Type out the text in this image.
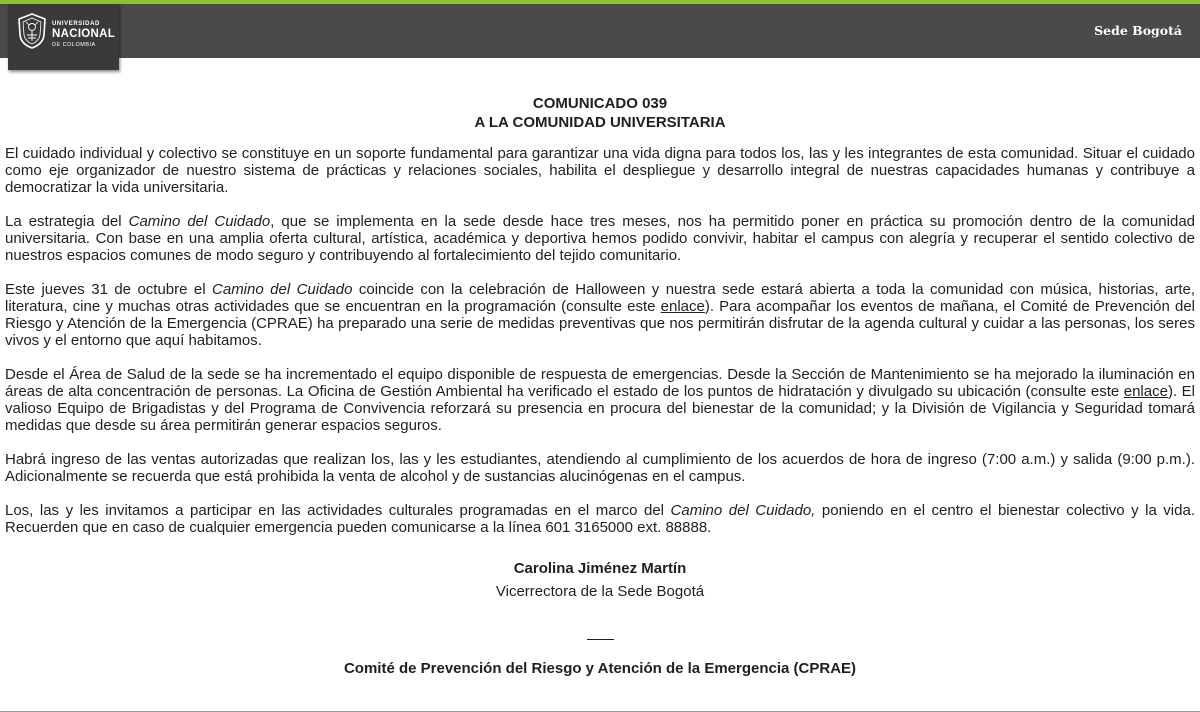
UNIVERSIDAD
NACIONAL
DE COLOMBIA
Sede Bogotá
COMUNICADO 039
A LA COMUNIDAD UNIVERSITARIA

El cuidado individual y colectivo se constituye en un soporte fundamental para garantizar una vida digna para todos los, las y les integrantes de esta comunidad. Situar el cuidado como eje organizador de nuestro sistema de prácticas y relaciones sociales, habilita el despliegue y desarrollo integral de nuestras capacidades humanas y contribuye a democratizar la vida universitaria.

La estrategia del Camino del Cuidado, que se implementa en la sede desde hace tres meses, nos ha permitido poner en práctica su promoción dentro de la comunidad universitaria. Con base en una amplia oferta cultural, artística, académica y deportiva hemos podido convivir, habitar el campus con alegría y recuperar el sentido colectivo de nuestros espacios comunes de modo seguro y contribuyendo al fortalecimiento del tejido comunitario.

Este jueves 31 de octubre el Camino del Cuidado coincide con la celebración de Halloween y nuestra sede estará abierta a toda la comunidad con música, historias, arte, literatura, cine y muchas otras actividades que se encuentran en la programación (consulte este enlace). Para acompañar los eventos de mañana, el Comité de Prevención del Riesgo y Atención de la Emergencia (CPRAE) ha preparado una serie de medidas preventivas que nos permitirán disfrutar de la agenda cultural y cuidar a las personas, los seres vivos y el entorno que aquí habitamos.

Desde el Área de Salud de la sede se ha incrementado el equipo disponible de respuesta de emergencias. Desde la Sección de Mantenimiento se ha mejorado la iluminación en áreas de alta concentración de personas. La Oficina de Gestión Ambiental ha verificado el estado de los puntos de hidratación y divulgado su ubicación (consulte este enlace). El valioso Equipo de Brigadistas y del Programa de Convivencia reforzará su presencia en procura del bienestar de la comunidad; y la División de Vigilancia y Seguridad tomará medidas que desde su área permitirán generar espacios seguros.

Habrá ingreso de las ventas autorizadas que realizan los, las y les estudiantes, atendiendo al cumplimiento de los acuerdos de hora de ingreso (7:00 a.m.) y salida (9:00 p.m.). Adicionalmente se recuerda que está prohibida la venta de alcohol y de sustancias alucinógenas en el campus.

Los, las y les invitamos a participar en las actividades culturales programadas en el marco del Camino del Cuidado, poniendo en el centro el bienestar colectivo y la vida. Recuerden que en caso de cualquier emergencia pueden comunicarse a la línea 601 3165000 ext. 88888.

Carolina Jiménez Martín
Vicerrectora de la Sede Bogotá
Comité de Prevención del Riesgo y Atención de la Emergencia (CPRAE)
